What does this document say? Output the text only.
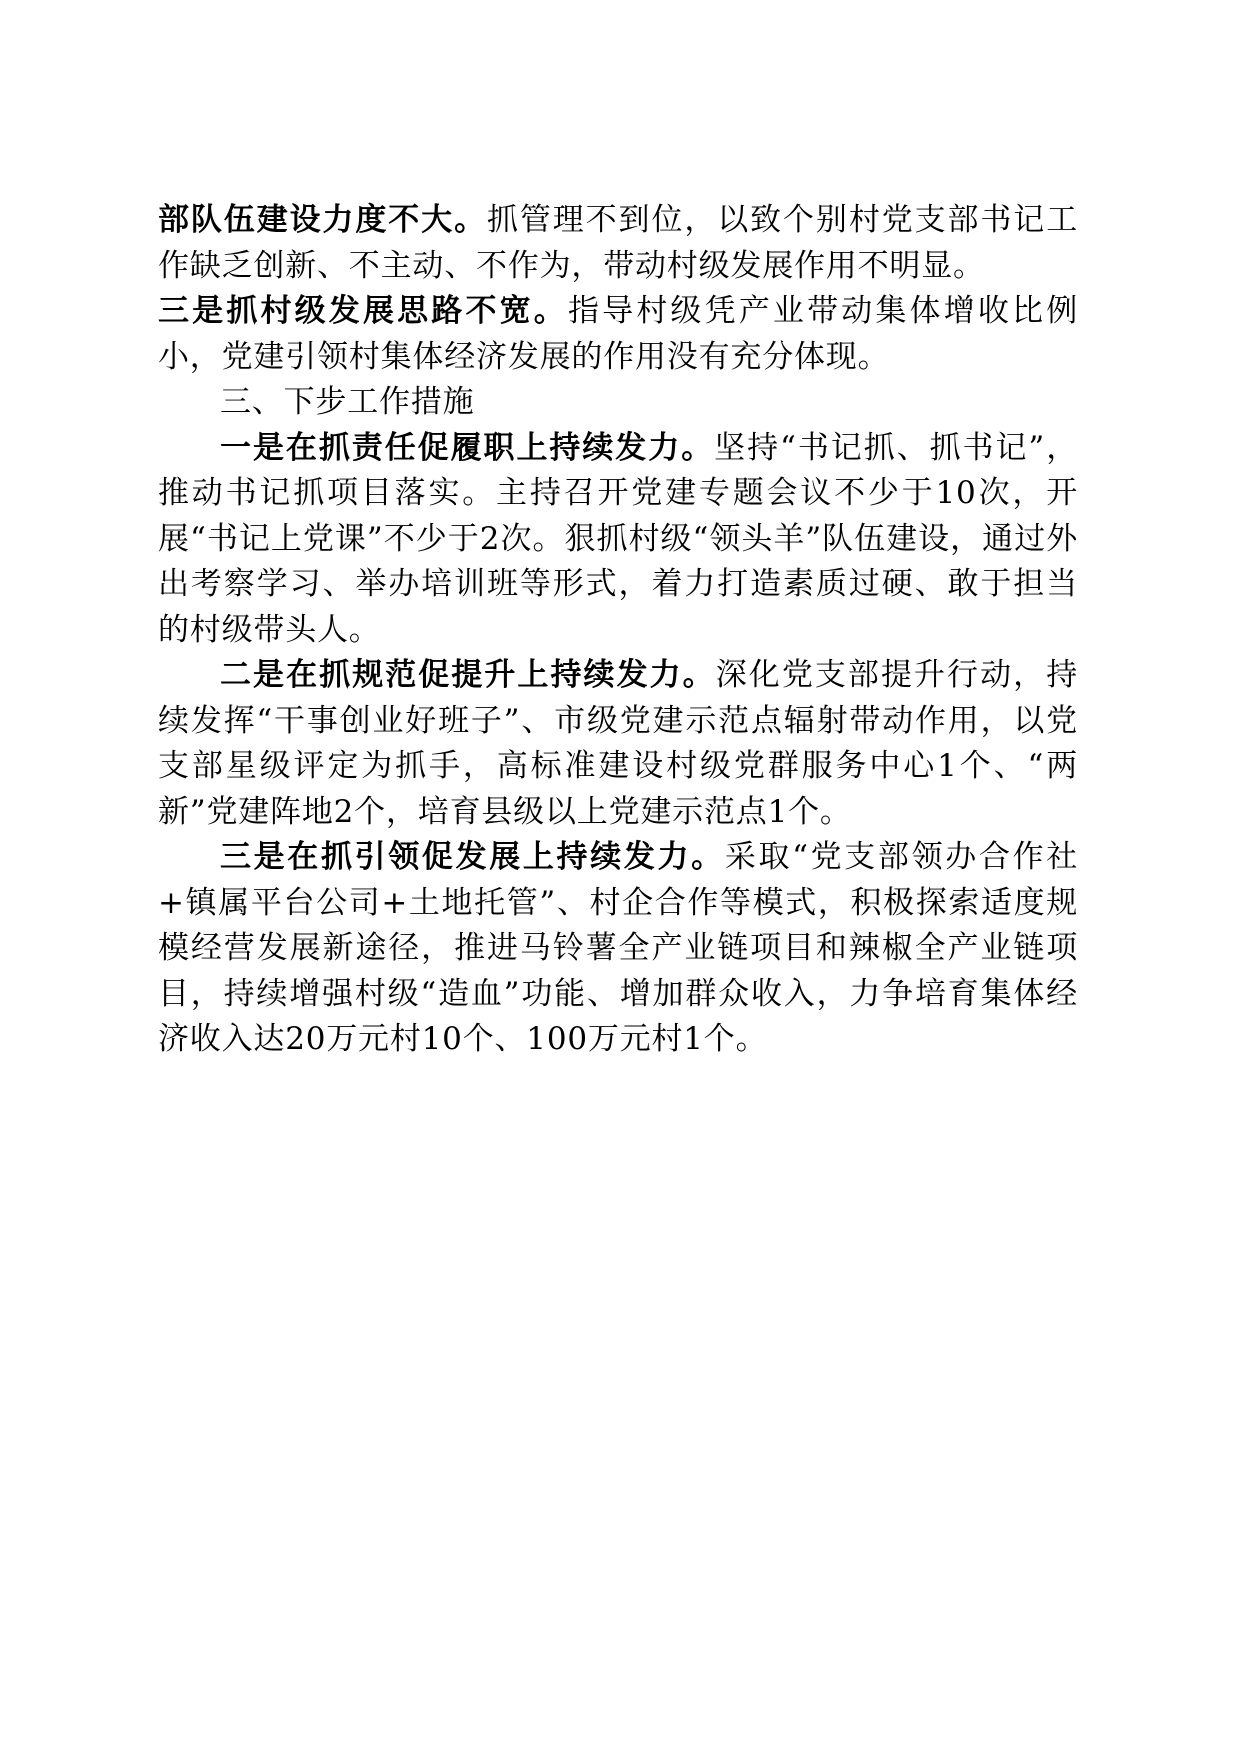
部队伍建设力度不大。抓管理不到位，以致个别村党支部书记工作缺乏创新、不主动、不作为，带动村级发展作用不明显。

三是抓村级发展思路不宽。指导村级凭产业带动集体增收比例小，党建引领村集体经济发展的作用没有充分体现。

三、下步工作措施

一是在抓责任促履职上持续发力。坚持“书记抓、抓书记”，推动书记抓项目落实。主持召开党建专题会议不少于10次，开展“书记上党课”不少于2次。狠抓村级“领头羊”队伍建设，通过外出考察学习、举办培训班等形式，着力打造素质过硬、敢于担当的村级带头人。

二是在抓规范促提升上持续发力。深化党支部提升行动，持续发挥“干事创业好班子”、市级党建示范点辐射带动作用，以党支部星级评定为抓手，高标准建设村级党群服务中心1个、“两新”党建阵地2个，培育县级以上党建示范点1个。

三是在抓引领促发展上持续发力。采取“党支部领办合作社+镇属平台公司+土地托管”、村企合作等模式，积极探索适度规模经营发展新途径，推进马铃薯全产业链项目和辣椒全产业链项目，持续增强村级“造血”功能、增加群众收入，力争培育集体经济收入达20万元村10个、100万元村1个。
